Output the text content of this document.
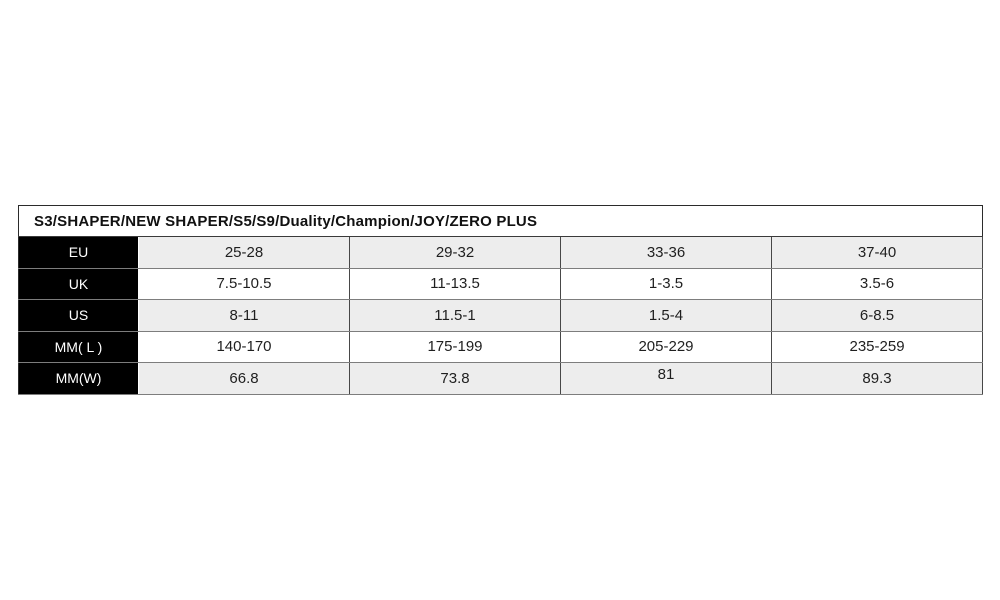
S3/SHAPER/NEW SHAPER/S5/S9/Duality/Champion/JOY/ZERO PLUS				
EU	25-28	29-32	33-36	37-40
UK	7.5-10.5	11-13.5	1-3.5	3.5-6
US	8-11	11.5-1	1.5-4	6-8.5
MM( L )	140-170	175-199	205-229	235-259
MM(W)	66.8	73.8	81	89.3
